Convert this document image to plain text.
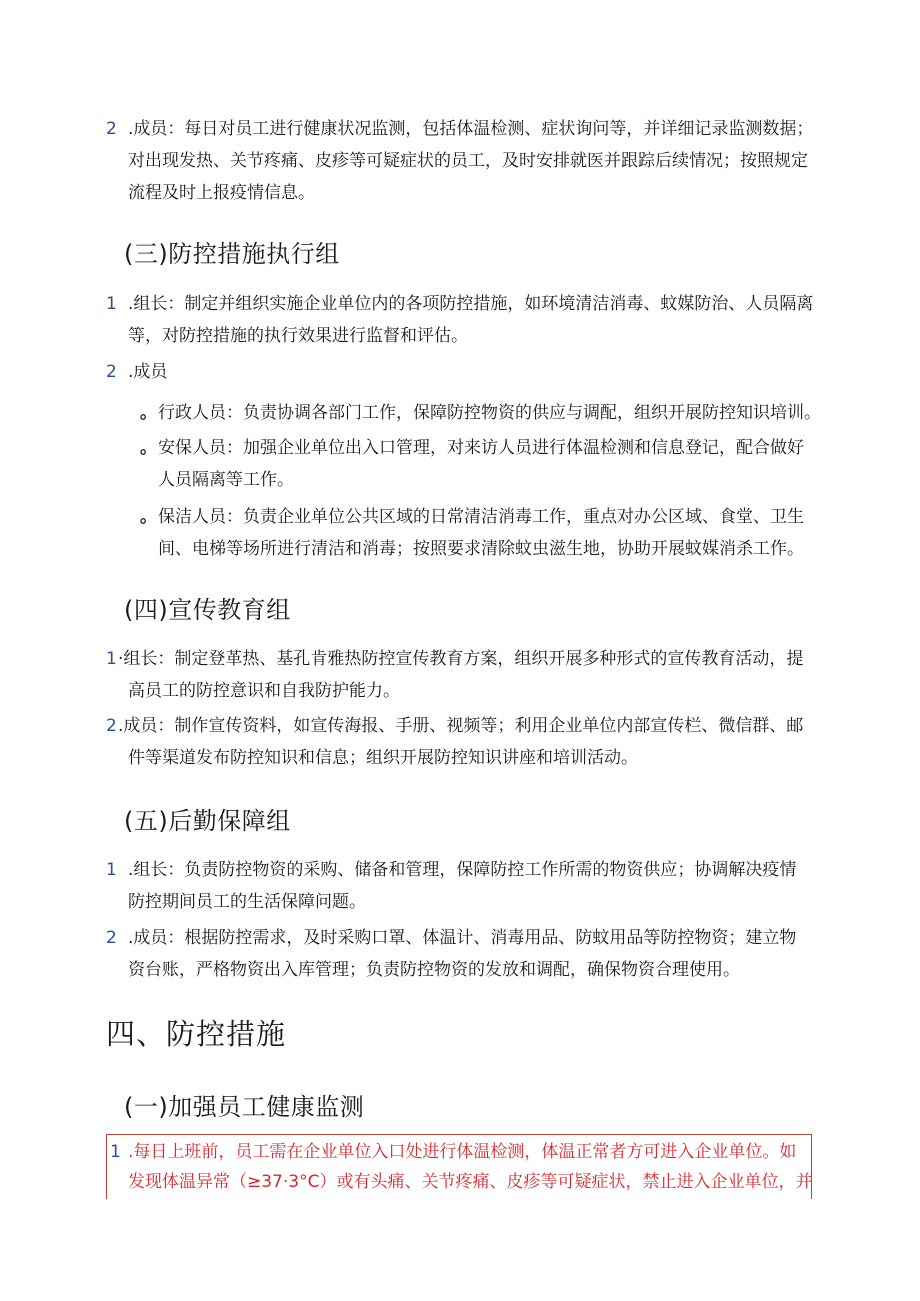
2 .成员：每日对员工进行健康状况监测，包括体温检测、症状询问等，并详细记录监测数据；
对出现发热、关节疼痛、皮疹等可疑症状的员工，及时安排就医并跟踪后续情况；按照规定
流程及时上报疫情信息。
(三)防控措施执行组
1 .组长：制定并组织实施企业单位内的各项防控措施，如环境清洁消毒、蚊媒防治、人员隔离
等，对防控措施的执行效果进行监督和评估。
2 .成员
。 行政人员：负责协调各部门工作，保障防控物资的供应与调配，组织开展防控知识培训。
。 安保人员：加强企业单位出入口管理，对来访人员进行体温检测和信息登记，配合做好
人员隔离等工作。
。 保洁人员：负责企业单位公共区域的日常清洁消毒工作，重点对办公区域、食堂、卫生
间、电梯等场所进行清洁和消毒；按照要求清除蚊虫滋生地，协助开展蚊媒消杀工作。
(四)宣传教育组
1 ·组长：制定登革热、基孔肯雅热防控宣传教育方案，组织开展多种形式的宣传教育活动，提
高员工的防控意识和自我防护能力。
2 .成员：制作宣传资料，如宣传海报、手册、视频等；利用企业单位内部宣传栏、微信群、邮
件等渠道发布防控知识和信息；组织开展防控知识讲座和培训活动。
(五)后勤保障组
1 .组长：负责防控物资的采购、储备和管理，保障防控工作所需的物资供应；协调解决疫情
防控期间员工的生活保障问题。
2 .成员：根据防控需求，及时采购口罩、体温计、消毒用品、防蚊用品等防控物资；建立物
资台账，严格物资出入库管理；负责防控物资的发放和调配，确保物资合理使用。
四、防控措施
(一)加强员工健康监测
1 .每日上班前，员工需在企业单位入口处进行体温检测，体温正常者方可进入企业单位。如
发现体温异常（≥37·3°C）或有头痛、关节疼痛、皮疹等可疑症状，禁止进入企业单位，并
